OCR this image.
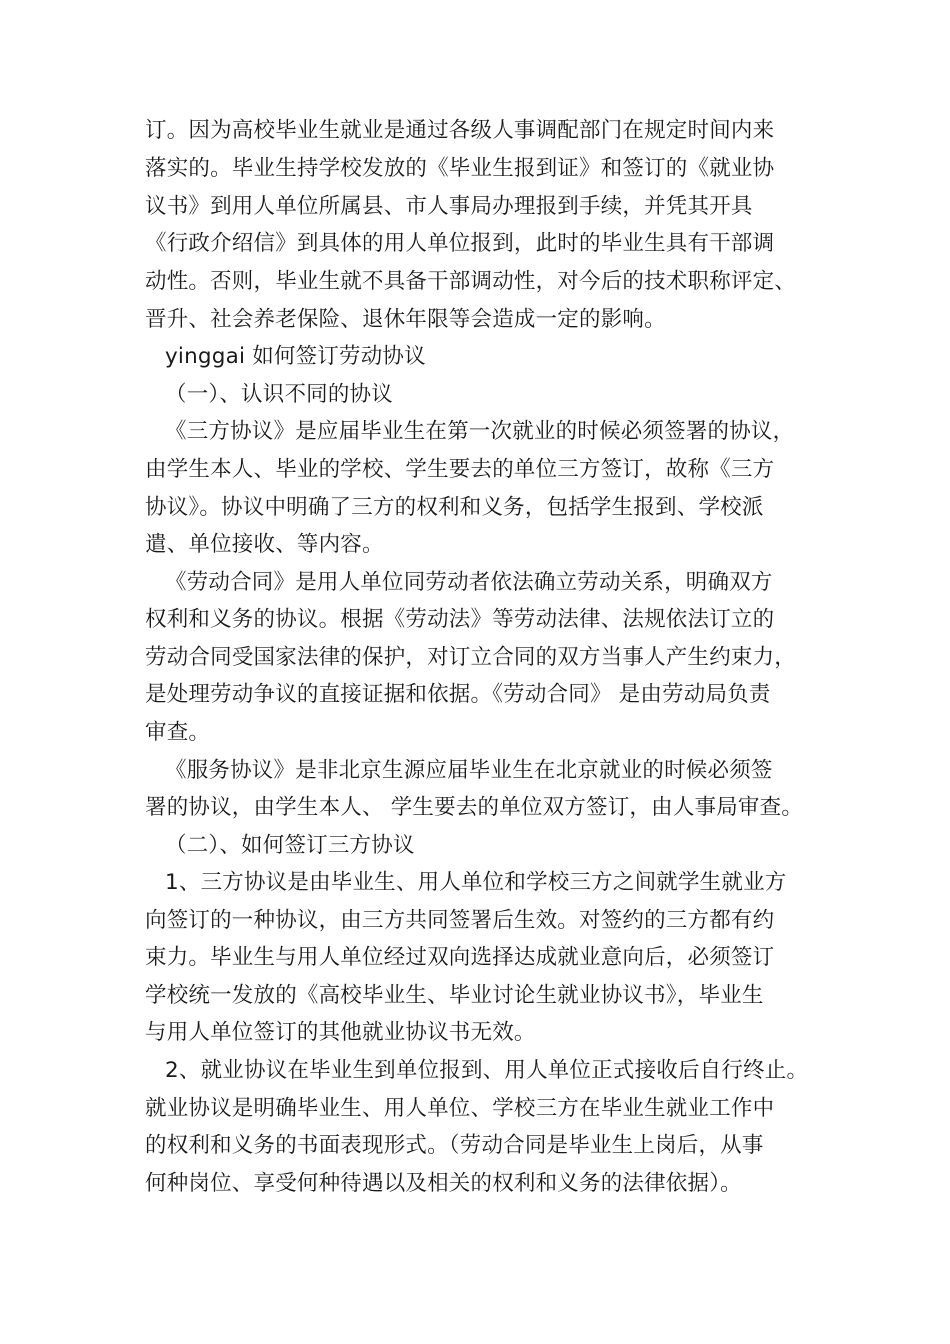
订。因为高校毕业生就业是通过各级人事调配部门在规定时间内来
落实的。毕业生持学校发放的《毕业生报到证》和签订的《就业协
议书》到用人单位所属县、市人事局办理报到手续，并凭其开具
《行政介绍信》到具体的用人单位报到，此时的毕业生具有干部调
动性。否则，毕业生就不具备干部调动性，对今后的技术职称评定、
晋升、社会养老保险、退休年限等会造成一定的影响。
yinggai 如何签订劳动协议
（一）、认识不同的协议
《三方协议》是应届毕业生在第一次就业的时候必须签署的协议，
由学生本人、毕业的学校、学生要去的单位三方签订，故称《三方
协议》。协议中明确了三方的权利和义务，包括学生报到、学校派
遣、单位接收、等内容。
《劳动合同》是用人单位同劳动者依法确立劳动关系，明确双方
权利和义务的协议。根据《劳动法》等劳动法律、法规依法订立的
劳动合同受国家法律的保护，对订立合同的双方当事人产生约束力，
是处理劳动争议的直接证据和依据。《劳动合同》 是由劳动局负责
审查。
《服务协议》是非北京生源应届毕业生在北京就业的时候必须签
署的协议，由学生本人、 学生要去的单位双方签订，由人事局审查。
（二）、如何签订三方协议
1、三方协议是由毕业生、用人单位和学校三方之间就学生就业方
向签订的一种协议，由三方共同签署后生效。对签约的三方都有约
束力。毕业生与用人单位经过双向选择达成就业意向后，必须签订
学校统一发放的《高校毕业生、毕业讨论生就业协议书》，毕业生
与用人单位签订的其他就业协议书无效。
2、就业协议在毕业生到单位报到、用人单位正式接收后自行终止。
就业协议是明确毕业生、用人单位、学校三方在毕业生就业工作中
的权利和义务的书面表现形式。（劳动合同是毕业生上岗后，从事
何种岗位、享受何种待遇以及相关的权利和义务的法律依据）。
